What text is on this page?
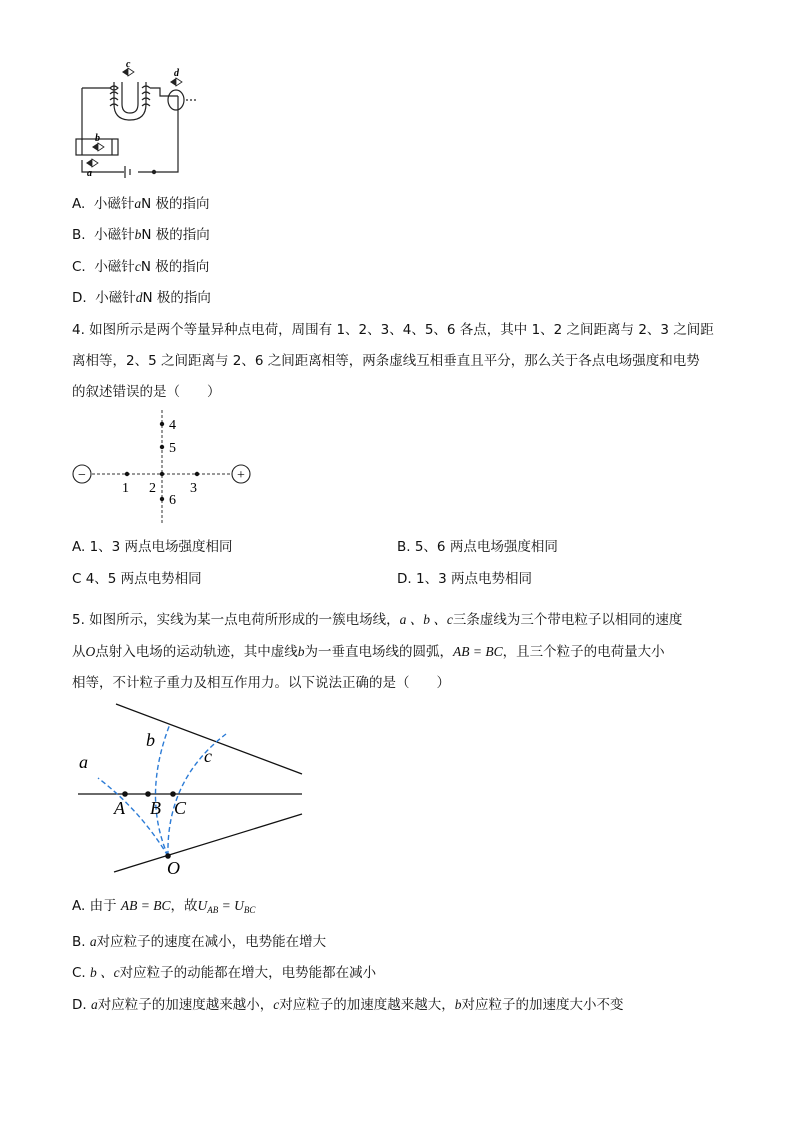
c
d
b
a
A. 小磁针aN 极的指向
B. 小磁针bN 极的指向
C. 小磁针cN 极的指向
D. 小磁针dN 极的指向
4. 如图所示是两个等量异种点电荷，周围有 1、2、3、4、5、6 各点，其中 1、2 之间距离与 2、3 之间距
离相等，2、5 之间距离与 2、6 之间距离相等，两条虚线互相垂直且平分，那么关于各点电场强度和电势
的叙述错误的是（　　）
−	+
1 2 3
4
5
6
A. 1、3 两点电场强度相同	B. 5、6 两点电场强度相同
C 4、5 两点电势相同	D. 1、3 两点电势相同
5. 如图所示，实线为某一点电荷所形成的一簇电场线，a 、b 、c三条虚线为三个带电粒子以相同的速度
从O点射入电场的运动轨迹，其中虚线b为一垂直电场线的圆弧，AB = BC，且三个粒子的电荷量大小
相等，不计粒子重力及相互作用力。以下说法正确的是（　　）
a
b
c
A B C
O
A. 由于 AB = BC，故$U_{AB} = U_{BC}$
B. a对应粒子的速度在减小，电势能在增大
C. b 、c对应粒子的动能都在增大，电势能都在减小
D. a对应粒子的加速度越来越小，c对应粒子的加速度越来越大，b对应粒子的加速度大小不变
